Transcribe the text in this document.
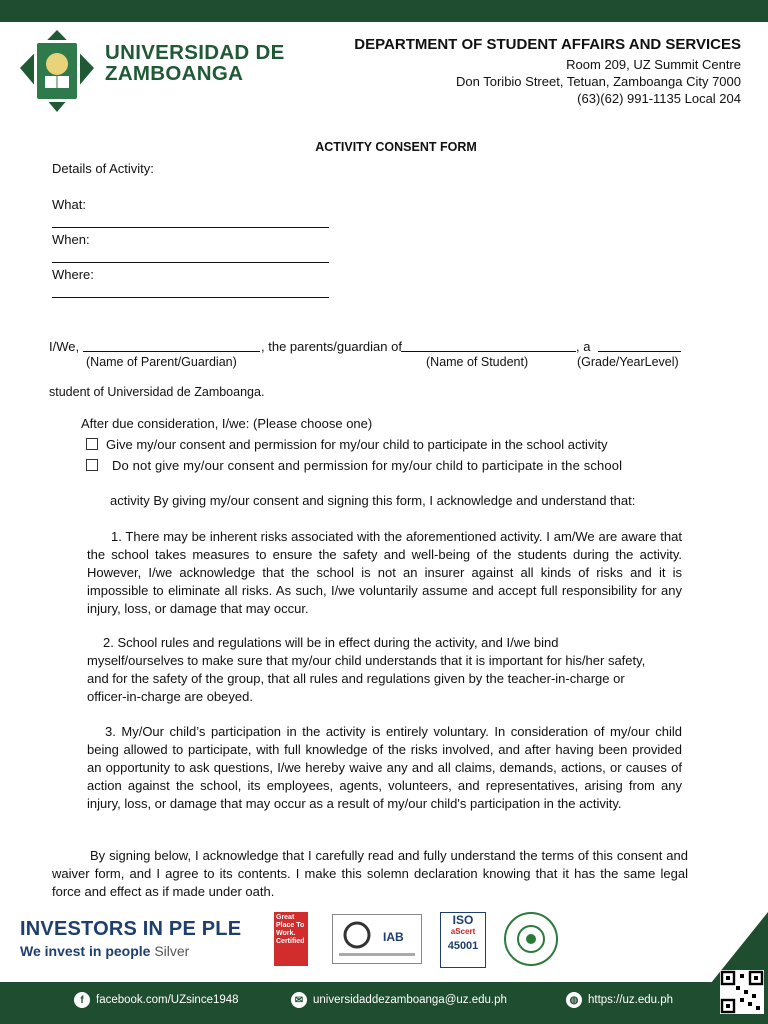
UNIVERSIDAD DE
ZAMBOANGA
DEPARTMENT OF STUDENT AFFAIRS AND SERVICES
Room 209, UZ Summit Centre
Don Toribio Street, Tetuan, Zamboanga City 7000
(63)(62) 991-1135 Local 204
ACTIVITY CONSENT FORM
Details of Activity:
What:
When:
Where:
I/We,	, the parents/guardian of	, a
(Name of Parent/Guardian)	(Name of Student)	(Grade/YearLevel)
student of Universidad de Zamboanga.
After due consideration, I/we: (Please choose one)
Give my/our consent and permission for my/our child to participate in the school activity
Do not give my/our consent and permission for my/our child to participate in the school
activity By giving my/our consent and signing this form, I acknowledge and understand that:
1. There may be inherent risks associated with the aforementioned activity. I am/We are aware that the school takes measures to ensure the safety and well-being of the students during the activity. However, I/we acknowledge that the school is not an insurer against all kinds of risks and it is impossible to eliminate all risks. As such, I/we voluntarily assume and accept full responsibility for any injury, loss, or damage that may occur.
2. School rules and regulations will be in effect during the activity, and I/we bind myself/ourselves to make sure that my/our child understands that it is important for his/her safety, and for the safety of the group, that all rules and regulations given by the teacher-in-charge or officer-in-charge are obeyed.
3. My/Our child’s participation in the activity is entirely voluntary. In consideration of my/our child being allowed to participate, with full knowledge of the risks involved, and after having been provided an opportunity to ask questions, I/we hereby waive any and all claims, demands, actions, or causes of action against the school, its employees, agents, volunteers, and representatives, arising from any injury, loss, or damage that may occur as a result of my/our child's participation in the activity.
By signing below, I acknowledge that I carefully read and fully understand the terms of this consent and waiver form, and I agree to its contents. I make this solemn declaration knowing that it has the same legal force and effect as if made under oath.
INVESTORS IN PE PLE
We invest in people Silver
Great Place To Work. Certified	IAB
ISO
aScert
45001
f	facebook.com/UZsince1948	✉ universidaddezamboanga@uz.edu.ph	◍ https://uz.edu.ph
